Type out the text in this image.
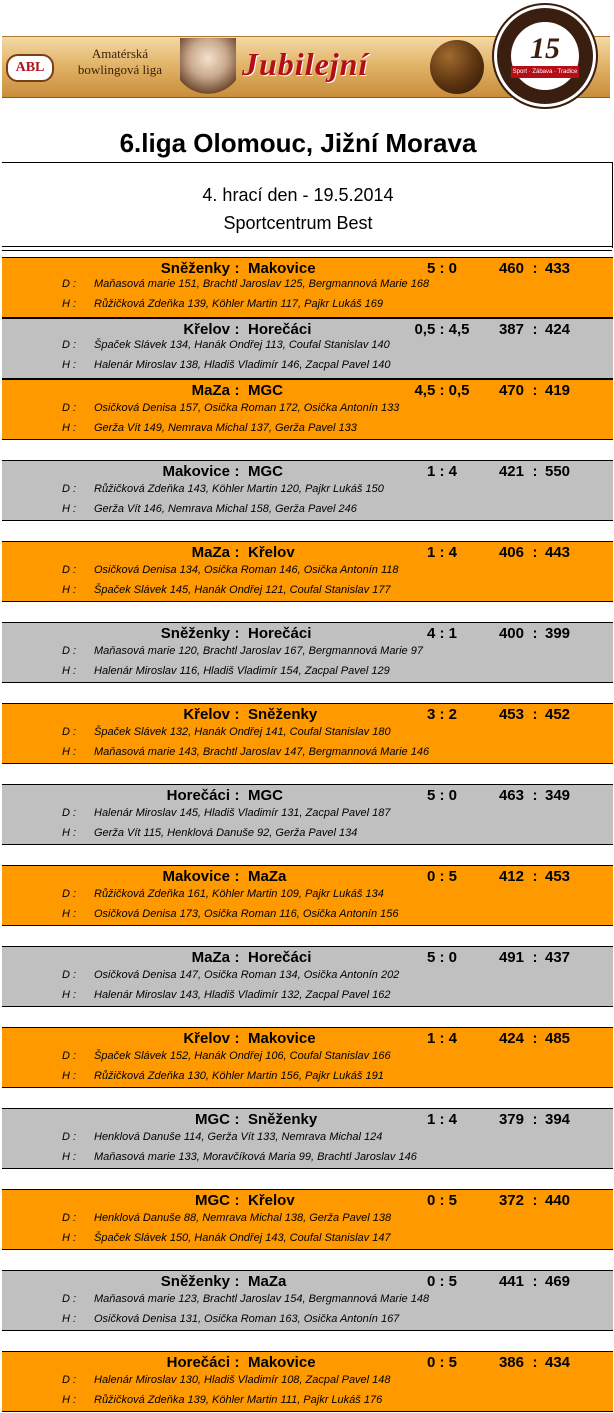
ABL
Amatérská
bowlingová liga	Jubilejní	15
Sport · Zábava · Tradice
6.liga Olomouc, Jižní Morava
4. hrací den - 19.5.2014
Sportcentrum Best
Sněženky : Makovice	5 : 0	460 : 433
D : Maňasová marie 151, Brachtl Jaroslav 125, Bergmannová Marie 168
H : Růžičková Zdeňka 139, Köhler Martin 117, Pajkr Lukáš 169
Křelov : Horečáci	0,5 : 4,5	387 : 424
D : Špaček Slávek 134, Hanák Ondřej 113, Coufal Stanislav 140
H : Halenár Miroslav 138, Hladiš Vladimír 146, Zacpal Pavel 140
MaZa : MGC	4,5 : 0,5	470 : 419
D : Osičková Denisa 157, Osička Roman 172, Osička Antonín 133
H : Gerža Vít 149, Nemrava Michal 137, Gerža Pavel 133
Makovice : MGC	1 : 4	421 : 550
D : Růžičková Zdeňka 143, Köhler Martin 120, Pajkr Lukáš 150
H : Gerža Vít 146, Nemrava Michal 158, Gerža Pavel 246
MaZa : Křelov	1 : 4	406 : 443
D : Osičková Denisa 134, Osička Roman 146, Osička Antonín 118
H : Špaček Slávek 145, Hanák Ondřej 121, Coufal Stanislav 177
Sněženky : Horečáci	4 : 1	400 : 399
D : Maňasová marie 120, Brachtl Jaroslav 167, Bergmannová Marie 97
H : Halenár Miroslav 116, Hladiš Vladimír 154, Zacpal Pavel 129
Křelov : Sněženky	3 : 2	453 : 452
D : Špaček Slávek 132, Hanák Ondřej 141, Coufal Stanislav 180
H : Maňasová marie 143, Brachtl Jaroslav 147, Bergmannová Marie 146
Horečáci : MGC	5 : 0	463 : 349
D : Halenár Miroslav 145, Hladiš Vladimír 131, Zacpal Pavel 187
H : Gerža Vít 115, Henklová Danuše 92, Gerža Pavel 134
Makovice : MaZa	0 : 5	412 : 453
D : Růžičková Zdeňka 161, Köhler Martin 109, Pajkr Lukáš 134
H : Osičková Denisa 173, Osička Roman 116, Osička Antonín 156
MaZa : Horečáci	5 : 0	491 : 437
D : Osičková Denisa 147, Osička Roman 134, Osička Antonín 202
H : Halenár Miroslav 143, Hladiš Vladimír 132, Zacpal Pavel 162
Křelov : Makovice	1 : 4	424 : 485
D : Špaček Slávek 152, Hanák Ondřej 106, Coufal Stanislav 166
H : Růžičková Zdeňka 130, Köhler Martin 156, Pajkr Lukáš 191
MGC : Sněženky	1 : 4	379 : 394
D : Henklová Danuše 114, Gerža Vít 133, Nemrava Michal 124
H : Maňasová marie 133, Moravčíková Maria 99, Brachtl Jaroslav 146
MGC : Křelov	0 : 5	372 : 440
D : Henklová Danuše 88, Nemrava Michal 138, Gerža Pavel 138
H : Špaček Slávek 150, Hanák Ondřej 143, Coufal Stanislav 147
Sněženky : MaZa	0 : 5	441 : 469
D : Maňasová marie 123, Brachtl Jaroslav 154, Bergmannová Marie 148
H : Osičková Denisa 131, Osička Roman 163, Osička Antonín 167
Horečáci : Makovice	0 : 5	386 : 434
D : Halenár Miroslav 130, Hladiš Vladimír 108, Zacpal Pavel 148
H : Růžičková Zdeňka 139, Köhler Martin 111, Pajkr Lukáš 176
